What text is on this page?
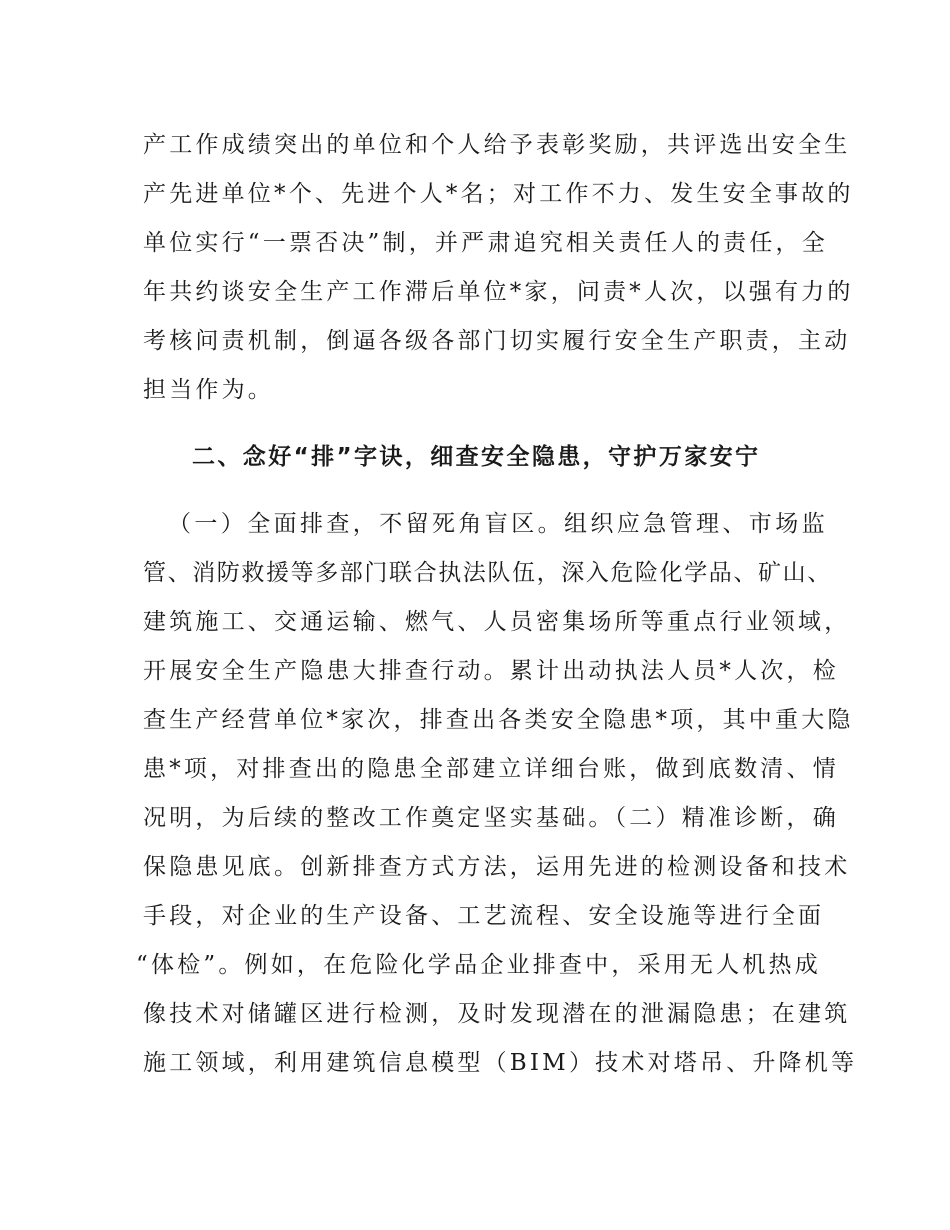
产工作成绩突出的单位和个人给予表彰奖励，共评选出安全生
产先进单位*个、先进个人*名；对工作不力、发生安全事故的
单位实行“一票否决”制，并严肃追究相关责任人的责任，全
年共约谈安全生产工作滞后单位*家，问责*人次，以强有力的
考核问责机制，倒逼各级各部门切实履行安全生产职责，主动
担当作为。
二、念好“排”字诀，细查安全隐患，守护万家安宁
（一）全面排查，不留死角盲区。组织应急管理、市场监
管、消防救援等多部门联合执法队伍，深入危险化学品、矿山、
建筑施工、交通运输、燃气、人员密集场所等重点行业领域，
开展安全生产隐患大排查行动。累计出动执法人员*人次，检
查生产经营单位*家次，排查出各类安全隐患*项，其中重大隐
患*项，对排查出的隐患全部建立详细台账，做到底数清、情
况明，为后续的整改工作奠定坚实基础。（二）精准诊断，确
保隐患见底。创新排查方式方法，运用先进的检测设备和技术
手段，对企业的生产设备、工艺流程、安全设施等进行全面
“体检”。例如，在危险化学品企业排查中，采用无人机热成
像技术对储罐区进行检测，及时发现潜在的泄漏隐患；在建筑
施工领域，利用建筑信息模型（BIM）技术对塔吊、升降机等
